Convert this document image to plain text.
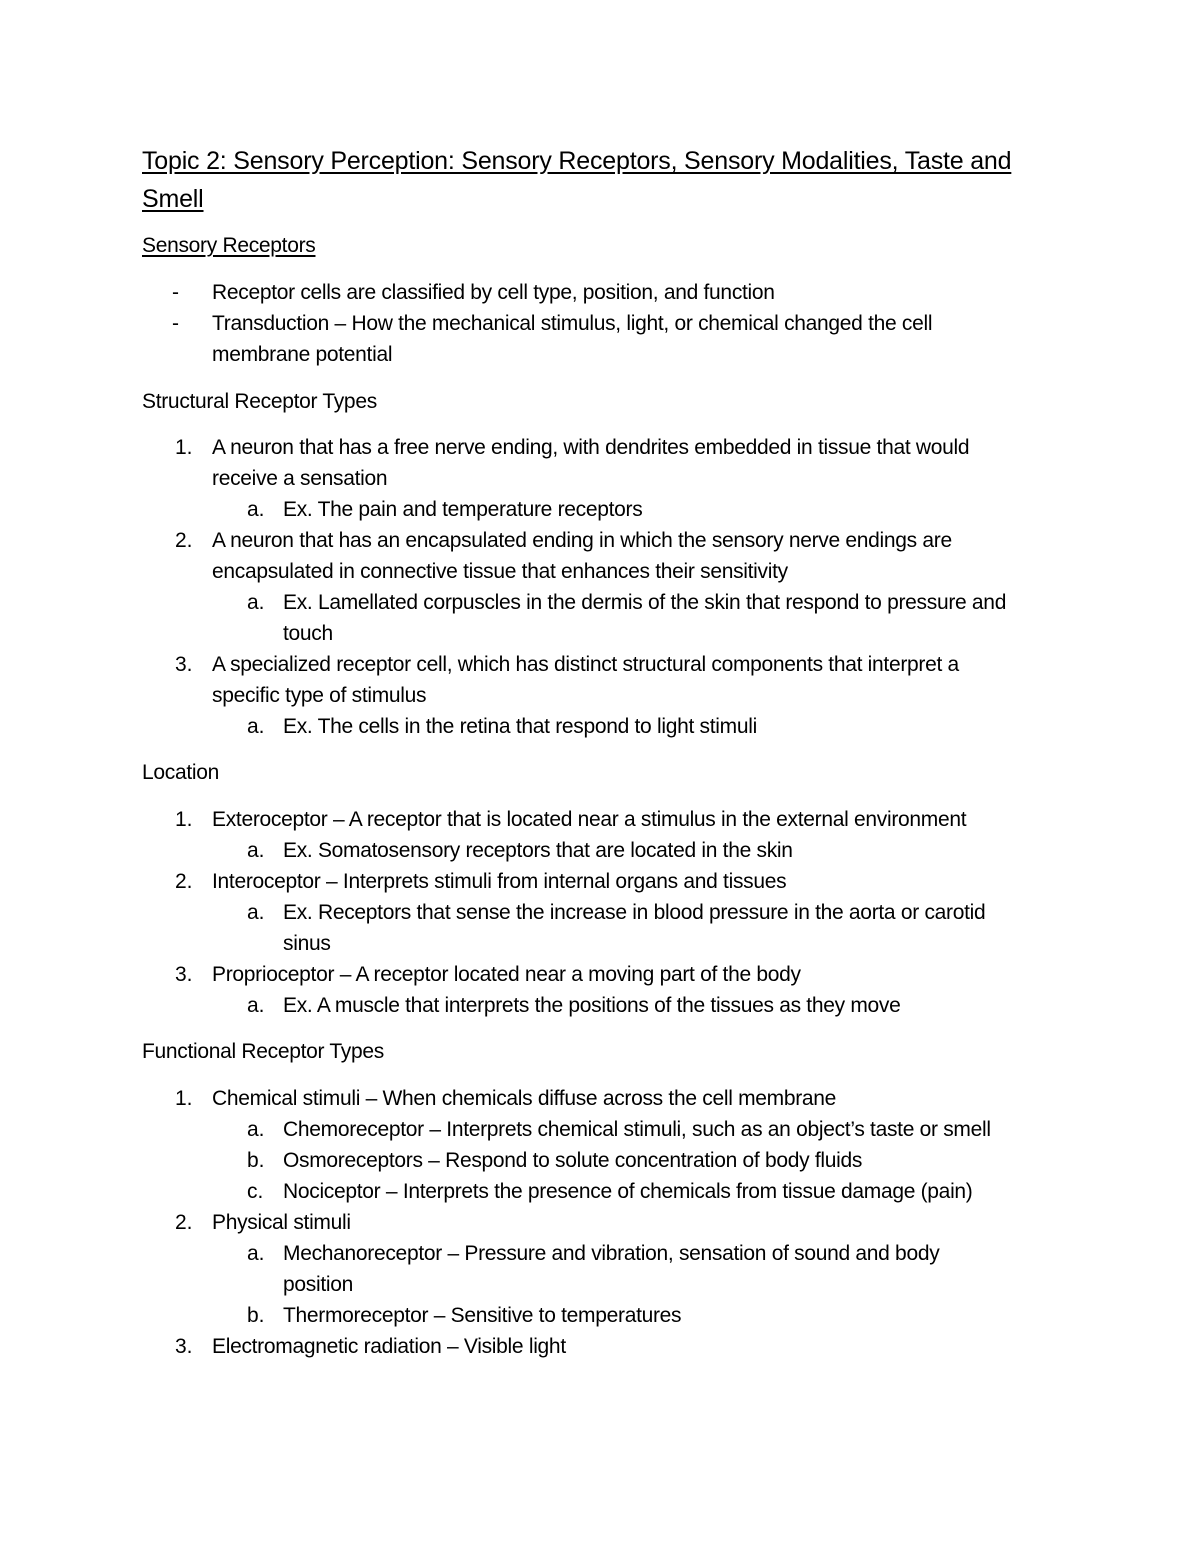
Topic 2: Sensory Perception: Sensory Receptors, Sensory Modalities, Taste and
Smell
Sensory Receptors
- Receptor cells are classified by cell type, position, and function
- Transduction – How the mechanical stimulus, light, or chemical changed the cell
membrane potential
Structural Receptor Types
1. A neuron that has a free nerve ending, with dendrites embedded in tissue that would
receive a sensation
a. Ex. The pain and temperature receptors
2. A neuron that has an encapsulated ending in which the sensory nerve endings are
encapsulated in connective tissue that enhances their sensitivity
a. Ex. Lamellated corpuscles in the dermis of the skin that respond to pressure and
touch
3. A specialized receptor cell, which has distinct structural components that interpret a
specific type of stimulus
a. Ex. The cells in the retina that respond to light stimuli
Location
1. Exteroceptor – A receptor that is located near a stimulus in the external environment
a. Ex. Somatosensory receptors that are located in the skin
2. Interoceptor – Interprets stimuli from internal organs and tissues
a. Ex. Receptors that sense the increase in blood pressure in the aorta or carotid
sinus
3. Proprioceptor – A receptor located near a moving part of the body
a. Ex. A muscle that interprets the positions of the tissues as they move
Functional Receptor Types
1. Chemical stimuli – When chemicals diffuse across the cell membrane
a. Chemoreceptor – Interprets chemical stimuli, such as an object’s taste or smell
b. Osmoreceptors – Respond to solute concentration of body fluids
c. Nociceptor – Interprets the presence of chemicals from tissue damage (pain)
2. Physical stimuli
a. Mechanoreceptor – Pressure and vibration, sensation of sound and body
position
b. Thermoreceptor – Sensitive to temperatures
3. Electromagnetic radiation – Visible light
